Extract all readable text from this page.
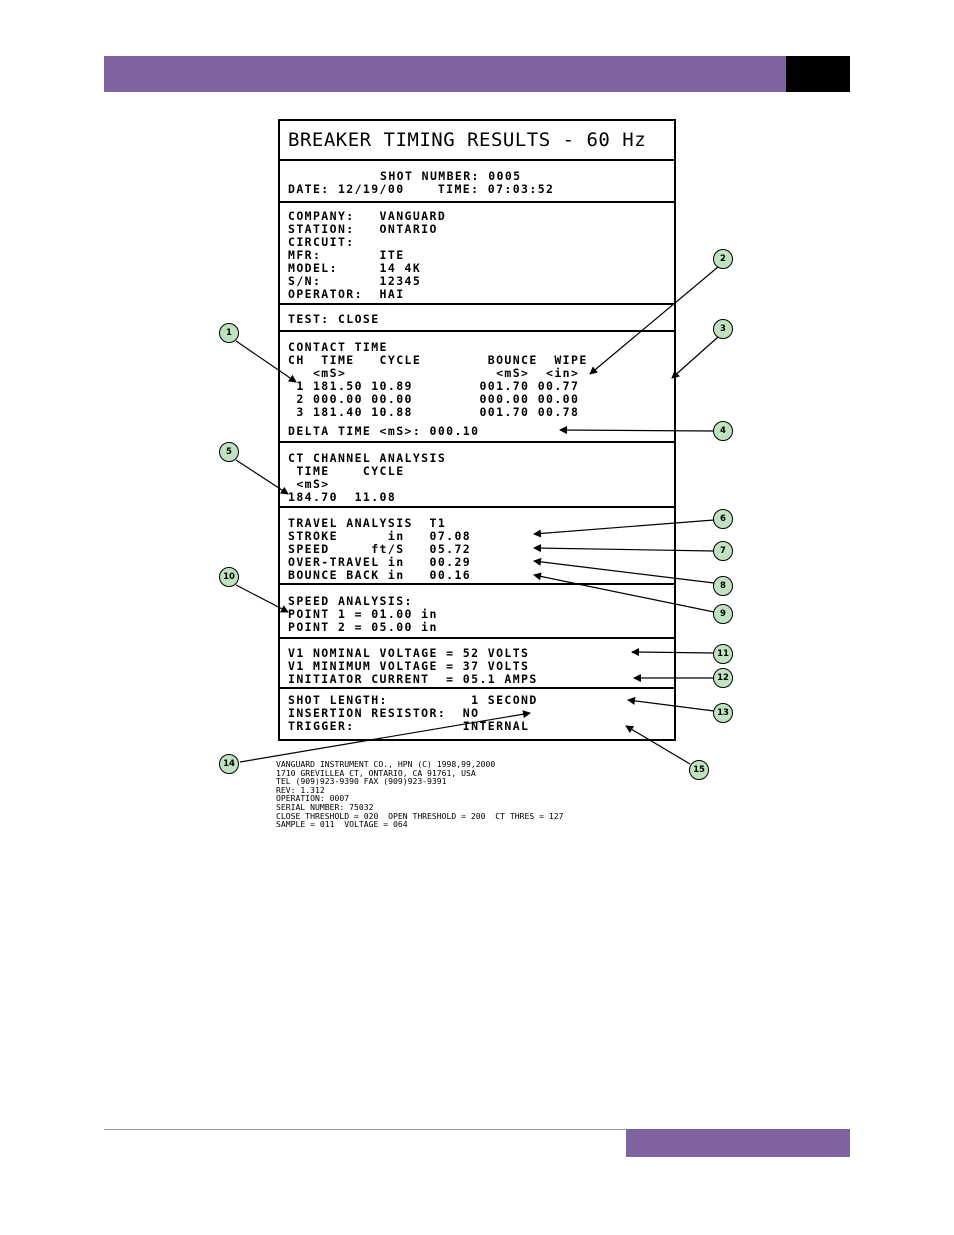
BREAKER TIMING RESULTS - 60 Hz
SHOT NUMBER: 0005
DATE: 12/19/00    TIME: 07:03:52
COMPANY:   VANGUARD
STATION:   ONTARIO
CIRCUIT:
MFR:       ITE
MODEL:     14 4K
S/N:       12345
OPERATOR:  HAI
TEST: CLOSE
CONTACT TIME
CH  TIME   CYCLE        BOUNCE  WIPE
<mS>                  <mS>  <in>
1 181.50 10.89        001.70 00.77
2 000.00 00.00        000.00 00.00
3 181.40 10.88        001.70 00.78
DELTA TIME <mS>: 000.10
CT CHANNEL ANALYSIS
TIME    CYCLE
<mS>
184.70  11.08
TRAVEL ANALYSIS  T1
STROKE      in   07.08
SPEED     ft/S   05.72
OVER-TRAVEL in   00.29
BOUNCE BACK in   00.16
SPEED ANALYSIS:
POINT 1 = 01.00 in
POINT 2 = 05.00 in
V1 NOMINAL VOLTAGE = 52 VOLTS
V1 MINIMUM VOLTAGE = 37 VOLTS
INITIATOR CURRENT  = 05.1 AMPS
SHOT LENGTH:          1 SECOND
INSERTION RESISTOR:  NO
TRIGGER:             INTERNAL
VANGUARD INSTRUMENT CO., HPN (C) 1998,99,2000
1710 GREVILLEA CT, ONTARIO, CA 91761, USA
TEL (909)923-9390 FAX (909)923-9391
REV: 1.312
OPERATION: 0007
SERIAL NUMBER: 75032
CLOSE THRESHOLD = 020  OPEN THRESHOLD = 200  CT THRES = 127
SAMPLE = 011  VOLTAGE = 064
1
2
3
4
5
6
7
8
9
10
11
12
13
14
15
